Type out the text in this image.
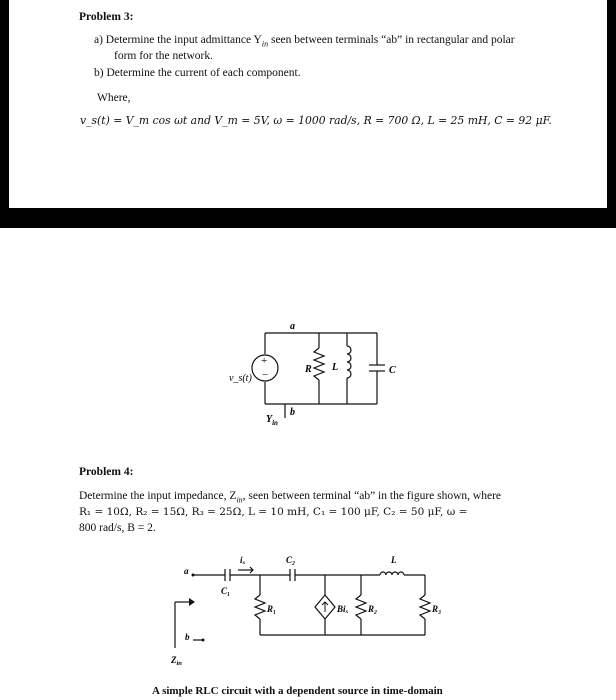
Problem 3:
a) Determine the input admittance $Y_{in}$ seen between terminals “ab” in rectangular and polar
form for the network.
b) Determine the current of each component.
Where,
v_s(t) = V_m cos ωt and V_m = 5V, ω = 1000 rad/s, R = 700 Ω, L = 25 mH, C = 92 μF.
+
−
v_s(t)
a
b
R L	C
$Y_{in}$
Problem 4:
Determine the input impedance, $Z_{in}$, seen between terminal “ab” in the figure shown, where
R₁ = 10Ω, R₂ = 15Ω, R₃ = 25Ω, L = 10 mH, C₁ = 100 μF, C₂ = 50 μF, ω =
800 rad/s, B = 2.
a
b
C₁
C₂	L
iₓ
R₁	Biₓ R₂	R₃
$Z_{in}$
A simple RLC circuit with a dependent source in time-domain
